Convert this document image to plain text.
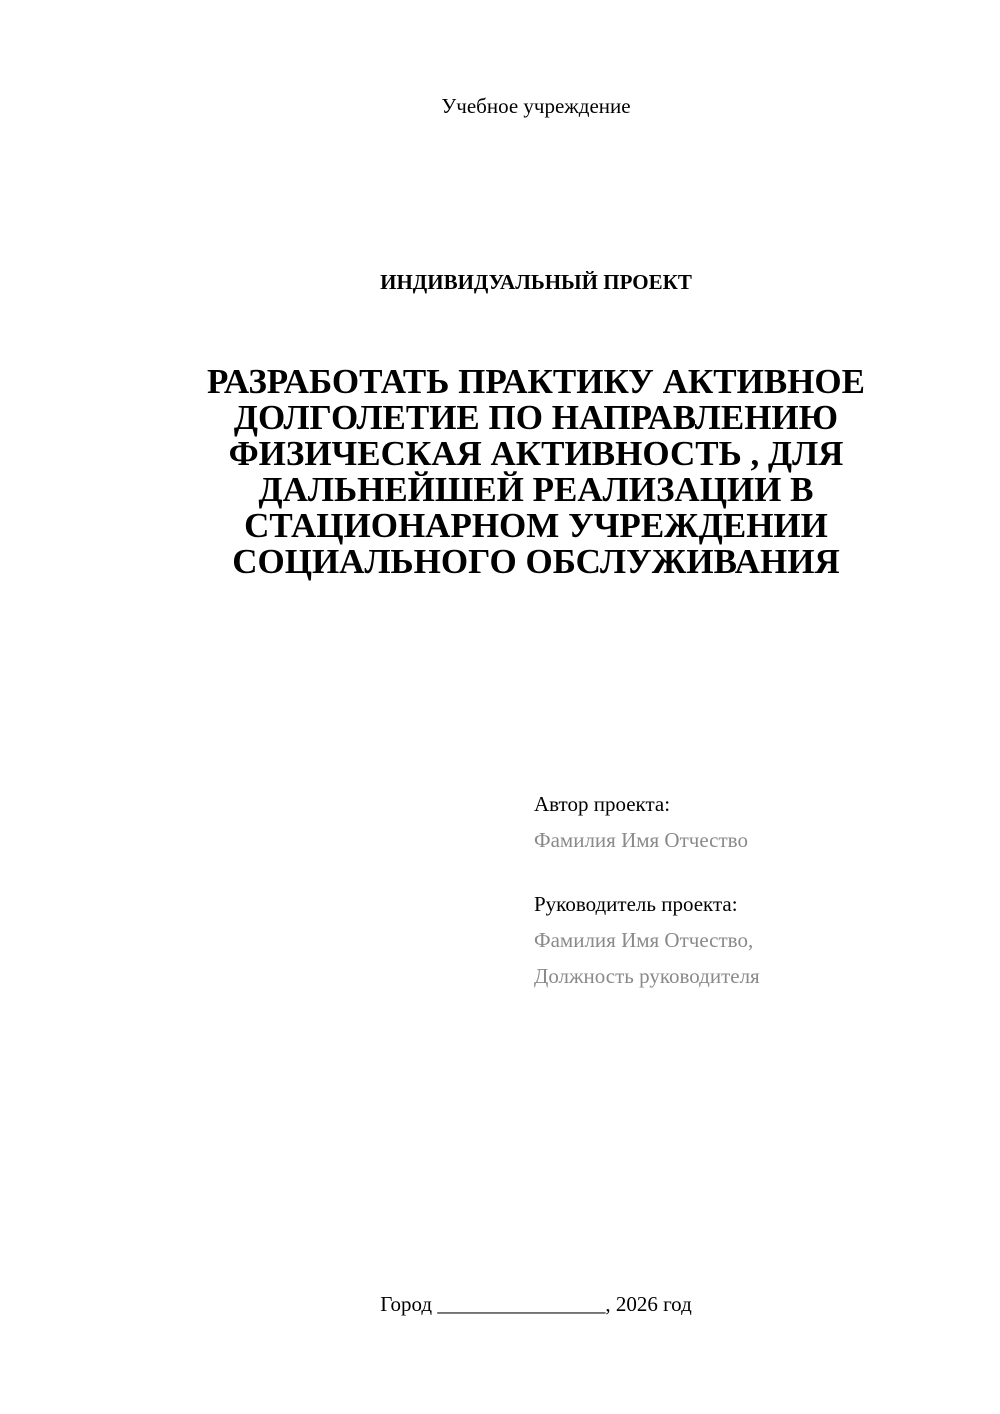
Учебное учреждение
ИНДИВИДУАЛЬНЫЙ ПРОЕКТ
РАЗРАБОТАТЬ ПРАКТИКУ АКТИВНОЕ
ДОЛГОЛЕТИЕ ПО НАПРАВЛЕНИЮ
ФИЗИЧЕСКАЯ АКТИВНОСТЬ , ДЛЯ
ДАЛЬНЕЙШЕЙ РЕАЛИЗАЦИИ В
СТАЦИОНАРНОМ УЧРЕЖДЕНИИ
СОЦИАЛЬНОГО ОБСЛУЖИВАНИЯ
Автор проекта:
Фамилия Имя Отчество
Руководитель проекта:
Фамилия Имя Отчество,
Должность руководителя
Город ________________, 2026 год
